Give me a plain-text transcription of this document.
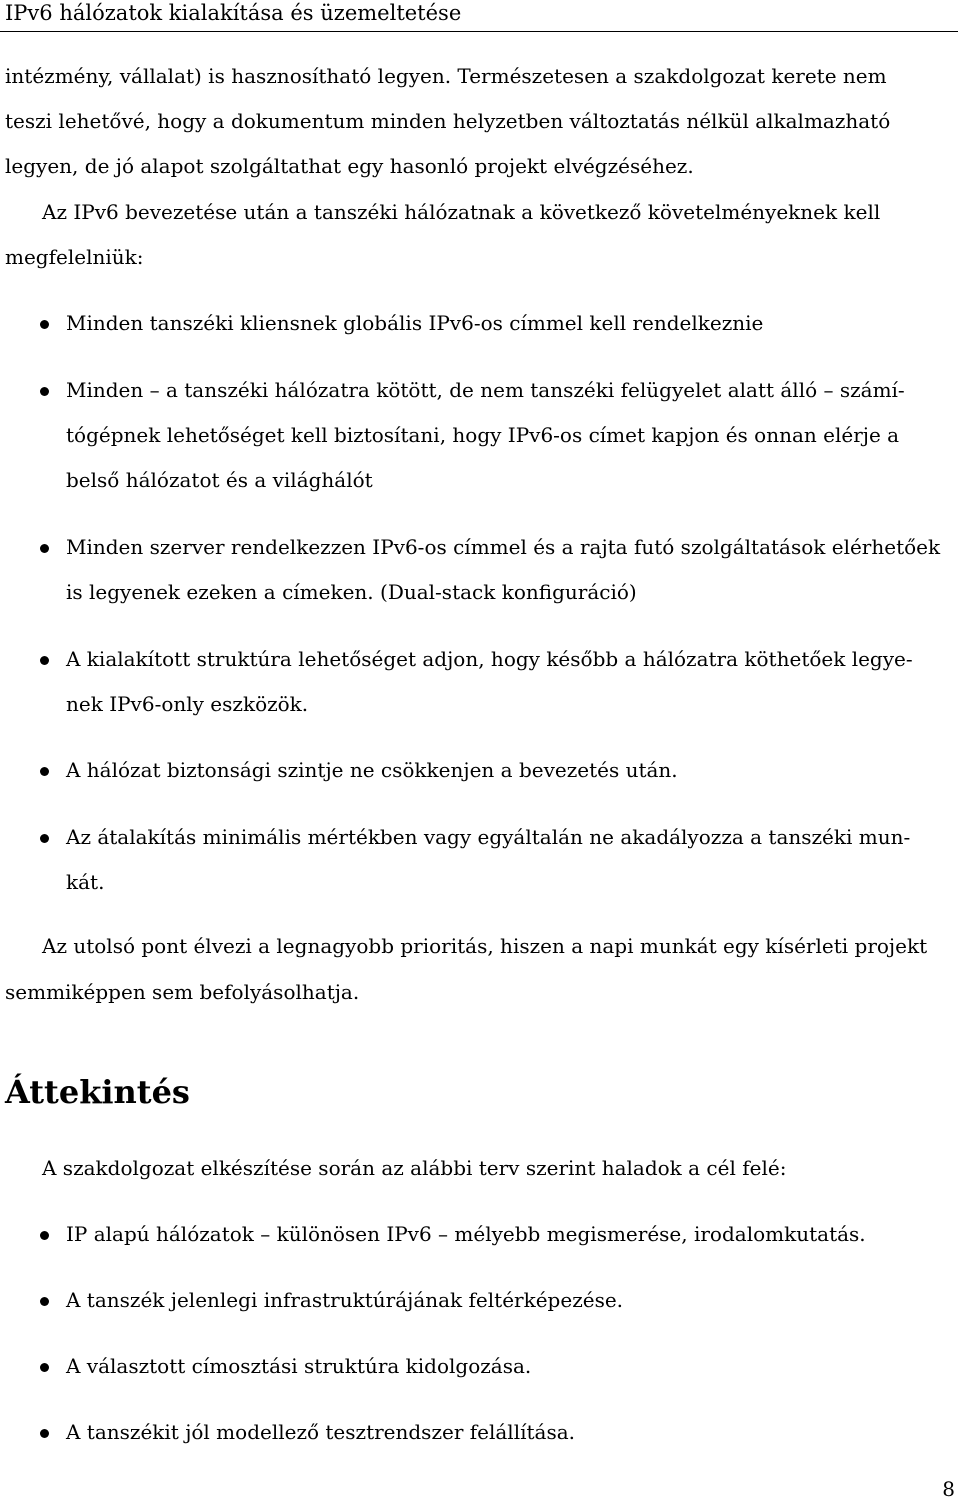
IPv6 hálózatok kialakítása és üzemeltetése
intézmény, vállalat) is hasznosítható legyen. Természetesen a szakdolgozat kerete nem
teszi lehetővé, hogy a dokumentum minden helyzetben változtatás nélkül alkalmazható
legyen, de jó alapot szolgáltathat egy hasonló projekt elvégzéséhez.
Az IPv6 bevezetése után a tanszéki hálózatnak a következő követelményeknek kell
megfelelniük:
Minden tanszéki kliensnek globális IPv6-os címmel kell rendelkeznie
Minden – a tanszéki hálózatra kötött, de nem tanszéki felügyelet alatt álló – számí-
tógépnek lehetőséget kell biztosítani, hogy IPv6-os címet kapjon és onnan elérje a
belső hálózatot és a világhálót
Minden szerver rendelkezzen IPv6-os címmel és a rajta futó szolgáltatások elérhetőek
is legyenek ezeken a címeken. (Dual-stack konfiguráció)
A kialakított struktúra lehetőséget adjon, hogy később a hálózatra köthetőek legye-
nek IPv6-only eszközök.
A hálózat biztonsági szintje ne csökkenjen a bevezetés után.
Az átalakítás minimális mértékben vagy egyáltalán ne akadályozza a tanszéki mun-
kát.
Az utolsó pont élvezi a legnagyobb prioritás, hiszen a napi munkát egy kísérleti projekt
semmiképpen sem befolyásolhatja.
Áttekintés
A szakdolgozat elkészítése során az alábbi terv szerint haladok a cél felé:
IP alapú hálózatok – különösen IPv6 – mélyebb megismerése, irodalomkutatás.
A tanszék jelenlegi infrastruktúrájának feltérképezése.
A választott címosztási struktúra kidolgozása.
A tanszékit jól modellező tesztrendszer felállítása.
8
